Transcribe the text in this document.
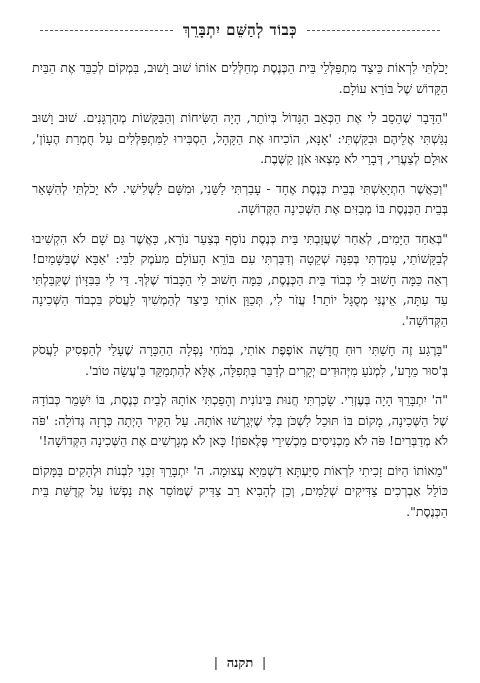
כְּבוֹד לְהַשֵּׁם יִתְבָּרֵךְ

יָכֹלְתִּי לִרְאוֹת כֵּיצַד מִתְפַּלְּלֵי בֵּית הַכְּנֶסֶת מְחַלְּלִים אוֹתוֹ שׁוּב וָשׁוּב, בִּמְקוֹם לְכַבֵּד אֶת הַבַּיִת הַקָּדוֹשׁ שֶׁל בּוֹרֵא עוֹלָם.

"הַדָּבָר שֶׁהֵסֵב לִי אֶת הַכְּאֵב הַגָּדוֹל בְּיוֹתֵר, הָיָה הַשִּׂיחוֹת וְהַבַּקָּשׁוֹת מְהָרְגָּנִים. שׁוּב וָשׁוּב נִגַּשְׁתִּי אֲלֵיהֶם וּבִקַּשְׁתִּי: 'אָנָּא, הוֹכִיחוּ אֶת הַקָּהָל, הַסְבִּירוּ לַמִּתְפַּלְּלִים עַל חֻמְרַת הֶעָוֹן', אוּלָם לְצַעֲרִי, דְּבָרַי לֹא מָצְאוּ אֹזֶן קַשֶּׁבֶת.

"וְכַאֲשֶׁר הִתְיָאַשְׁתִּי בְּבֵית כְּנֶסֶת אֶחָד - עָבַרְתִּי לַשֵּׁנִי, וּמִשָּׁם לַשְּׁלִישִׁי. לֹא יָכֹלְתִּי לְהִשָּׁאֵר בְּבֵית הַכְּנֶסֶת בּוֹ מְבַזִּים אֶת הַשְּׁכִינָה הַקְּדוֹשָׁה.

"בְּאַחַד הַיָּמִים, לְאַחַר שֶׁעֲזַבְתִּי בֵּית כְּנֶסֶת נוֹסָף בְּצַעַר נוֹרָא, כַּאֲשֶׁר גַּם שָׁם לֹא הִקְשִׁיבוּ לְבַקָּשׁוֹתַי, עָמַדְתִּי בְּפִנָּה שְׁקֵטָה וְדִבַּרְתִּי עִם בּוֹרֵא הָעוֹלָם מִעֹמֶק לִבִּי: 'אַבָּא שֶׁבַּשָּׁמַיִם! רְאֵה כַּמָּה חָשׁוּב לִי כְּבוֹד בֵּית הַכְּנֶסֶת, כַּמָּה חָשׁוּב לִי הַכָּבוֹד שֶׁלְּךָ. דַּי לִי בַּבִּזָּיוֹן שֶׁקִּבַּלְתִּי עַד עַתָּה, אֵינֶנִּי מְסֻגָּל יוֹתֵר! עֲזֹר לִי, תְּכַוֵּן אוֹתִי כֵּיצַד לְהַמְשִׁיךְ לַעֲסֹק בִּכְבוֹד הַשְּׁכִינָה הַקְּדוֹשָׁה'.

"בָּרֶגַע זֶה חָשַׁתִּי רוּחַ חֲדָשָׁה אוֹפֶפֶת אוֹתִי, בְּמֹחִי נָפְלָה הַהַכָּרָה שֶׁעָלַי לְהַפְסִיק לַעֲסֹק בְּ'סוּר מֵרָע', לִמְנֹעַ מִיְּהוּדִים יְקָרִים לְדַבֵּר בַּתְּפִלָּה, אֶלָּא לְהִתְמַקֵּד בַּ'עֲשֵׂה טוֹב'.

"ה' יִתְבָּרֵךְ הָיָה בְּעֶזְרִי. שָׂכַרְתִּי חֲנוּת בֵּינוֹנִית וְהָפַכְתִּי אוֹתָהּ לְבֵית כְּנֶסֶת, בּוֹ יִשָּׁמֵר כְּבוֹדָהּ שֶׁל הַשְּׁכִינָה, מָקוֹם בּוֹ תּוּכַל לִשְׁכֹּן בְּלִי שֶׁיְּגָרְשׁוּ אוֹתָהּ. עַל הַקִּיר הָיְתָה כְּרָזָה גְּדוֹלָה: 'פֹּה לֹא מְדַבְּרִים! פֹּה לֹא מַכְנִיסִים מַכְשִׁירֵי פֶּלֶאפוֹן! כָּאן לֹא מְגָרְשִׁים אֶת הַשְּׁכִינָה הַקְּדוֹשָׁה!'

"מֵאוֹתוֹ הַיּוֹם זָכִיתִי לִרְאוֹת סִיַּעְתָּא דִשְׁמַיָּא עֲצוּמָה. ה' יִתְבָּרֵךְ זִכָּנִי לִבְנוֹת וּלְהָקִים בַּמָּקוֹם כּוֹלֵל אַבְרְכִים צַדִּיקִים שְׁלֵמִים, וְכֵן לְהָבִיא רַב צַדִּיק שֶׁמּוֹסֵר אֶת נַפְשׁוֹ עַל קְדֻשַּׁת בֵּית הַכְּנֶסֶת".

| תקנה |
